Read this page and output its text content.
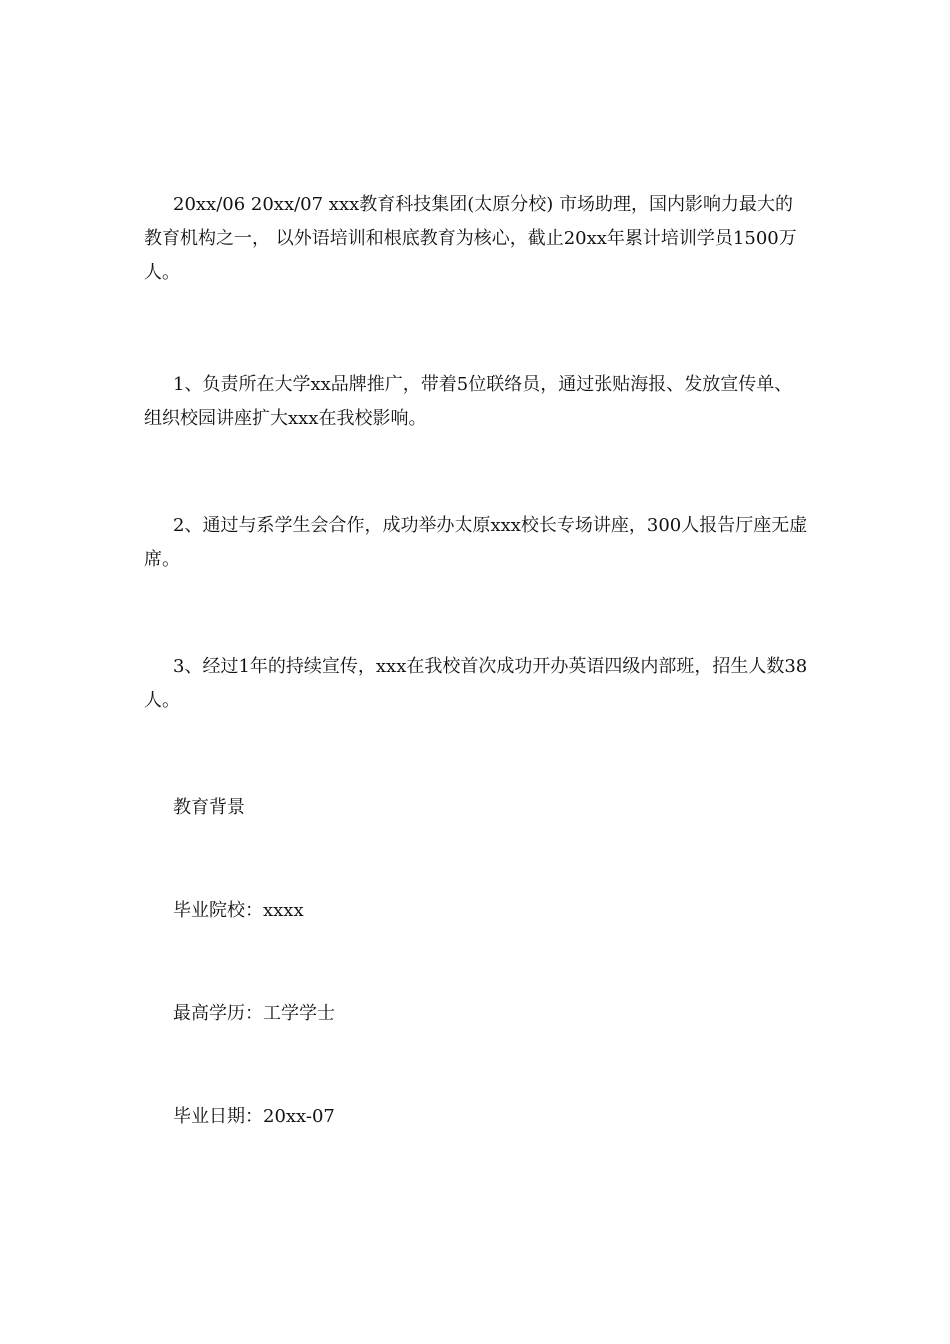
20xx/06 20xx/07 xxx教育科技集团(太原分校) 市场助理，国内影响力最大的教育机构之一， 以外语培训和根底教育为核心，截止20xx年累计培训学员1500万人。

1、负责所在大学xx品牌推广，带着5位联络员，通过张贴海报、发放宣传单、组织校园讲座扩大xxx在我校影响。

2、通过与系学生会合作，成功举办太原xxx校长专场讲座，300人报告厅座无虚席。

3、经过1年的持续宣传，xxx在我校首次成功开办英语四级内部班，招生人数38人。

教育背景

毕业院校：xxxx

最高学历：工学学士

毕业日期：20xx-07
